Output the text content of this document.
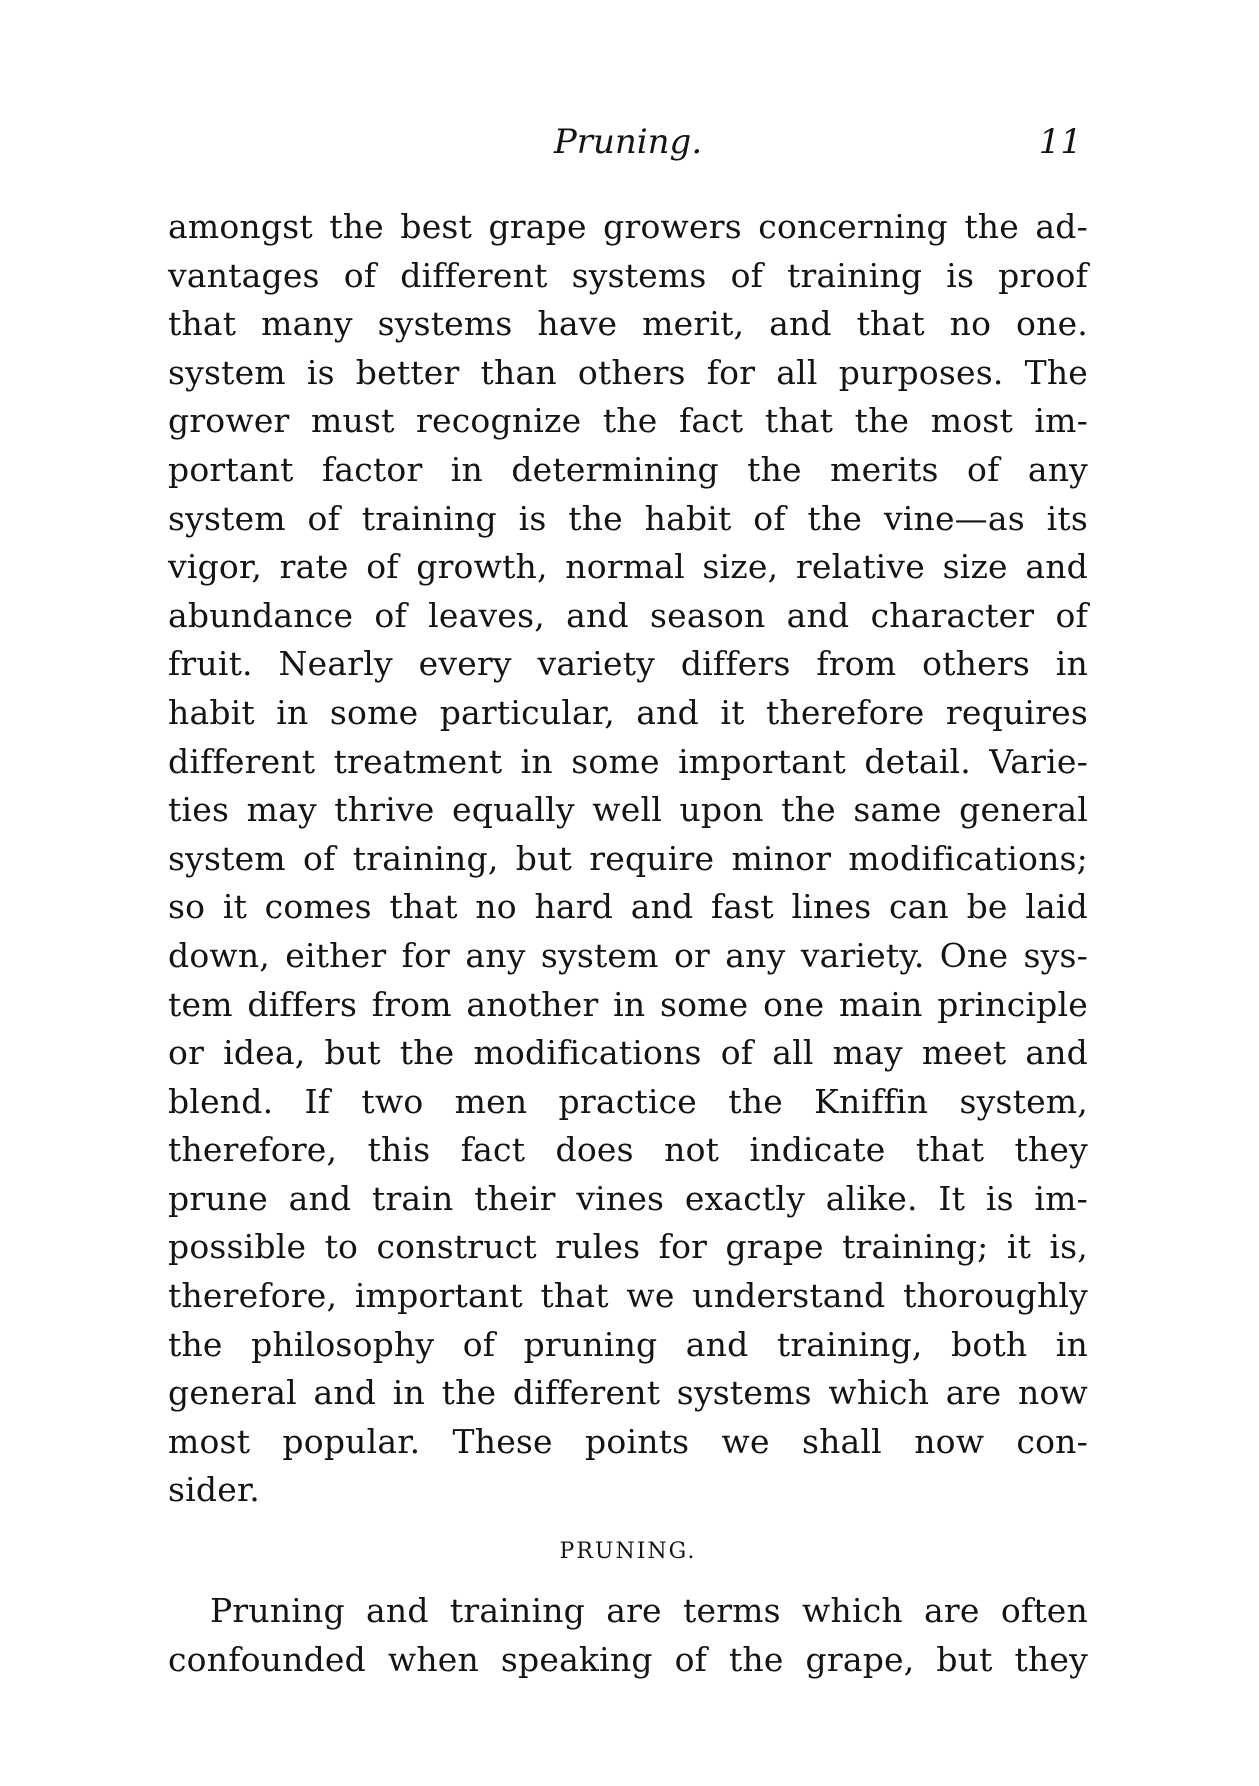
Pruning.	11
amongst the best grape growers concerning the ad-
vantages of different systems of training is proof
that many systems have merit, and that no one.
system is better than others for all purposes. The
grower must recognize the fact that the most im-
portant factor in determining the merits of any
system of training is the habit of the vine—as its
vigor, rate of growth, normal size, relative size and
abundance of leaves, and season and character of
fruit. Nearly every variety differs from others in
habit in some particular, and it therefore requires
different treatment in some important detail. Varie-
ties may thrive equally well upon the same general
system of training, but require minor modifications;
so it comes that no hard and fast lines can be laid
down, either for any system or any variety. One sys-
tem differs from another in some one main principle
or idea, but the modifications of all may meet and
blend. If two men practice the Kniffin system,
therefore, this fact does not indicate that they
prune and train their vines exactly alike. It is im-
possible to construct rules for grape training; it is,
therefore, important that we understand thoroughly
the philosophy of pruning and training, both in
general and in the different systems which are now
most popular. These points we shall now con-
sider.
PRUNING.
Pruning and training are terms which are often
confounded when speaking of the grape, but they
